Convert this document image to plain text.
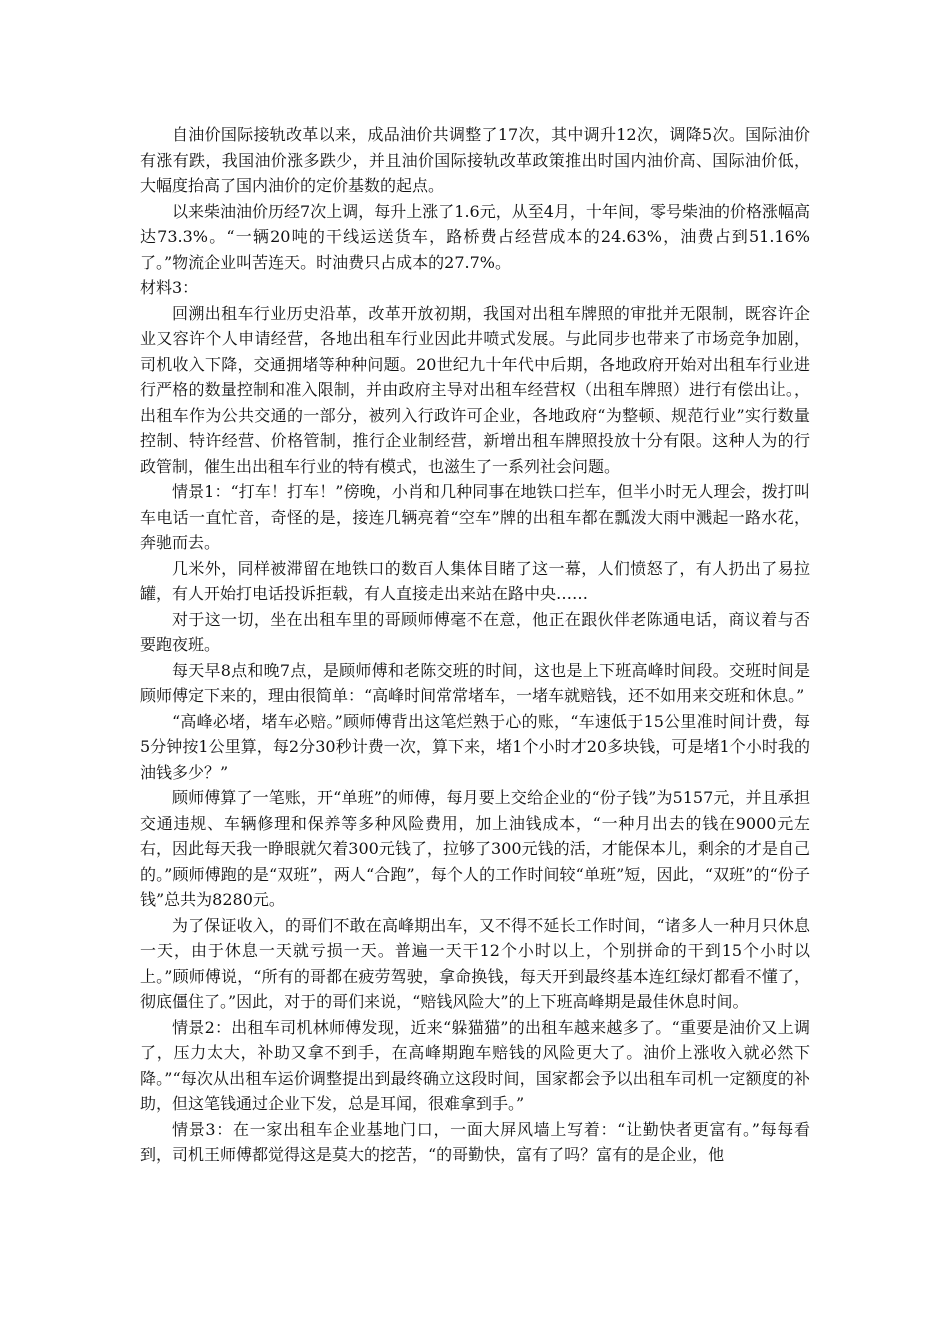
自油价国际接轨改革以来，成品油价共调整了17次，其中调升12次，调降5次。国际油价有涨有跌，我国油价涨多跌少，并且油价国际接轨改革政策推出时国内油价高、国际油价低，大幅度抬高了国内油价的定价基数的起点。

以来柴油油价历经7次上调，每升上涨了1.6元，从至4月，十年间，零号柴油的价格涨幅高达73.3%。“一辆20吨的干线运送货车，路桥费占经营成本的24.63%，油费占到51.16%了。”物流企业叫苦连天。时油费只占成本的27.7%。

材料3：

回溯出租车行业历史沿革，改革开放初期，我国对出租车牌照的审批并无限制，既容许企业又容许个人申请经营，各地出租车行业因此井喷式发展。与此同步也带来了市场竞争加剧，司机收入下降，交通拥堵等种种问题。20世纪九十年代中后期，各地政府开始对出租车行业进行严格的数量控制和准入限制，并由政府主导对出租车经营权（出租车牌照）进行有偿出让。，出租车作为公共交通的一部分，被列入行政许可企业，各地政府“为整顿、规范行业”实行数量控制、特许经营、价格管制，推行企业制经营，新增出租车牌照投放十分有限。这种人为的行政管制，催生出出租车行业的特有模式，也滋生了一系列社会问题。

情景1：“打车！打车！”傍晚，小肖和几种同事在地铁口拦车，但半小时无人理会，拨打叫车电话一直忙音，奇怪的是，接连几辆亮着“空车”牌的出租车都在瓢泼大雨中溅起一路水花，奔驰而去。

几米外，同样被滞留在地铁口的数百人集体目睹了这一幕，人们愤怒了，有人扔出了易拉罐，有人开始打电话投诉拒载，有人直接走出来站在路中央……

对于这一切，坐在出租车里的哥顾师傅毫不在意，他正在跟伙伴老陈通电话，商议着与否要跑夜班。

每天早8点和晚7点，是顾师傅和老陈交班的时间，这也是上下班高峰时间段。交班时间是顾师傅定下来的，理由很简单：“高峰时间常常堵车，一堵车就赔钱，还不如用来交班和休息。”

“高峰必堵，堵车必赔。”顾师傅背出这笔烂熟于心的账，“车速低于15公里准时间计费，每5分钟按1公里算，每2分30秒计费一次，算下来，堵1个小时才20多块钱，可是堵1个小时我的油钱多少？”

顾师傅算了一笔账，开“单班”的师傅，每月要上交给企业的“份子钱”为5157元，并且承担交通违规、车辆修理和保养等多种风险费用，加上油钱成本，“一种月出去的钱在9000元左右，因此每天我一睁眼就欠着300元钱了，拉够了300元钱的活，才能保本儿，剩余的才是自己的。”顾师傅跑的是“双班”，两人“合跑”，每个人的工作时间较“单班”短，因此，“双班”的“份子钱”总共为8280元。

为了保证收入，的哥们不敢在高峰期出车，又不得不延长工作时间，“诸多人一种月只休息一天，由于休息一天就亏损一天。普遍一天干12个小时以上，个别拼命的干到15个小时以上。”顾师傅说，“所有的哥都在疲劳驾驶，拿命换钱，每天开到最终基本连红绿灯都看不懂了，彻底僵住了。”因此，对于的哥们来说，“赔钱风险大”的上下班高峰期是最佳休息时间。

情景2：出租车司机林师傅发现，近来“躲猫猫”的出租车越来越多了。“重要是油价又上调了，压力太大，补助又拿不到手，在高峰期跑车赔钱的风险更大了。油价上涨收入就必然下降。”“每次从出租车运价调整提出到最终确立这段时间，国家都会予以出租车司机一定额度的补助，但这笔钱通过企业下发，总是耳闻，很难拿到手。”

情景3：在一家出租车企业基地门口，一面大屏风墙上写着：“让勤快者更富有。”每每看到，司机王师傅都觉得这是莫大的挖苦，“的哥勤快，富有了吗？富有的是企业，他
